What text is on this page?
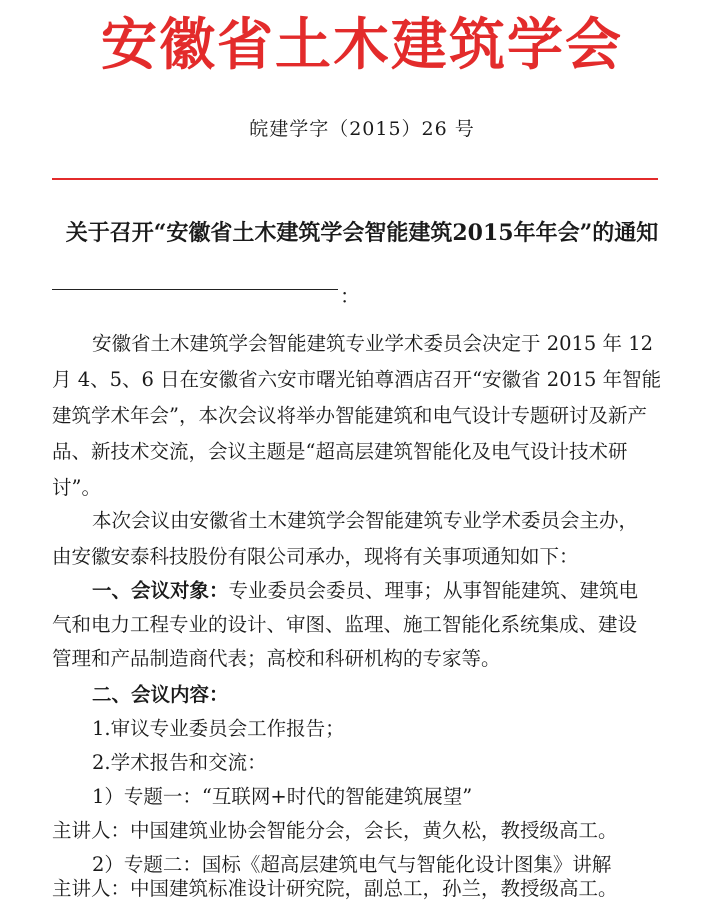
安徽省土木建筑学会
皖建学字（2015）26 号
关于召开“安徽省土木建筑学会智能建筑2015年年会”的通知
：
安徽省土木建筑学会智能建筑专业学术委员会决定于 2015 年 12
月 4、5、6 日在安徽省六安市曙光铂尊酒店召开“安徽省 2015 年智能
建筑学术年会”，本次会议将举办智能建筑和电气设计专题研讨及新产
品、新技术交流，会议主题是“超高层建筑智能化及电气设计技术研
讨”。
本次会议由安徽省土木建筑学会智能建筑专业学术委员会主办，
由安徽安泰科技股份有限公司承办，现将有关事项通知如下：
一、会议对象：专业委员会委员、理事；从事智能建筑、建筑电
气和电力工程专业的设计、审图、监理、施工智能化系统集成、建设
管理和产品制造商代表；高校和科研机构的专家等。
二、会议内容：
1.审议专业委员会工作报告；
2.学术报告和交流：
1）专题一：“互联网+时代的智能建筑展望”
主讲人：中国建筑业协会智能分会，会长，黄久松，教授级高工。
2）专题二：国标《超高层建筑电气与智能化设计图集》讲解
主讲人：中国建筑标准设计研究院，副总工，孙兰，教授级高工。
